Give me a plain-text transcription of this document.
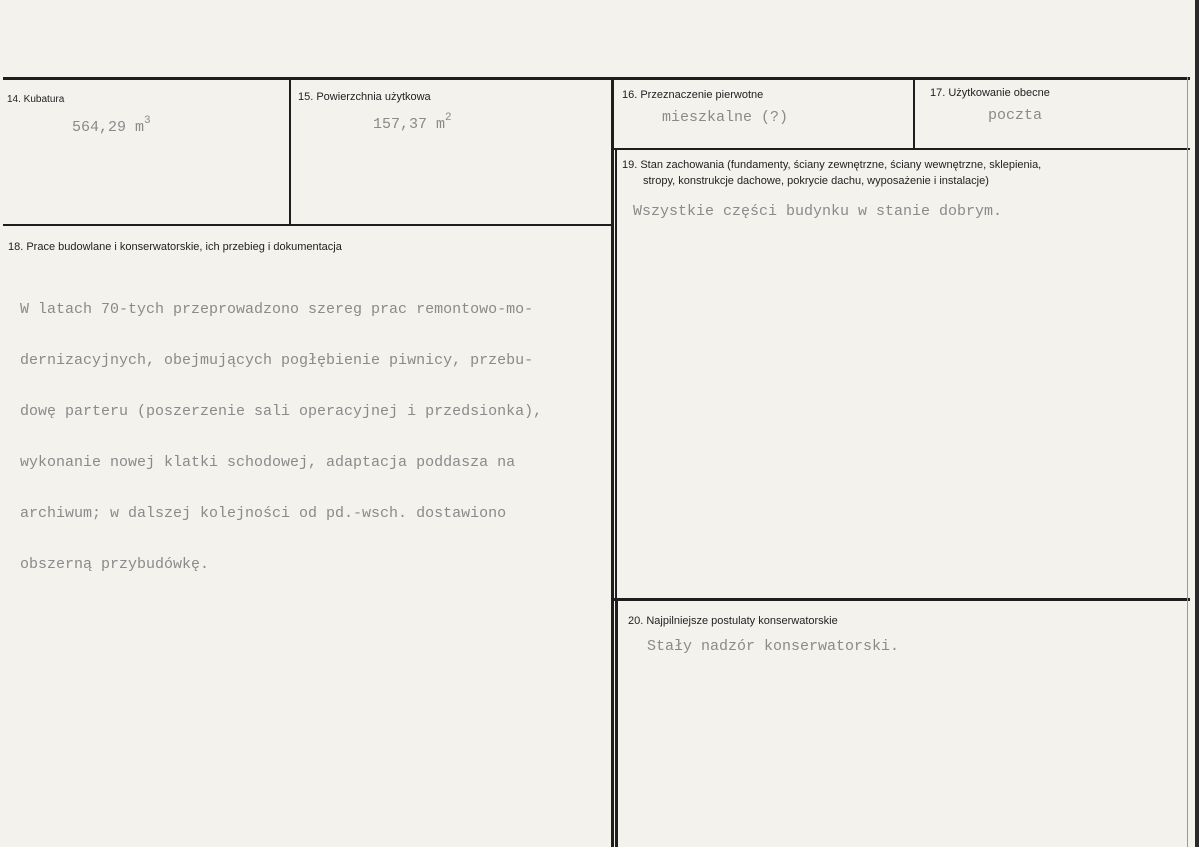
14. Kubatura
564,29 $m^3$
15. Powierzchnia użytkowa
157,37 $m^2$
16. Przeznaczenie pierwotne
mieszkalne (?)
17. Użytkowanie obecne
poczta
18. Prace budowlane i konserwatorskie, ich przebieg i dokumentacja

W latach 70-tych przeprowadzono szereg prac remontowo-mo-

dernizacyjnych, obejmujących pogłębienie piwnicy, przebu-

dowę parteru (poszerzenie sali operacyjnej i przedsionka),

wykonanie nowej klatki schodowej, adaptacja poddasza na

archiwum; w dalszej kolejności od pd.-wsch. dostawiono

obszerną przybudówkę.

19. Stan zachowania (fundamenty, ściany zewnętrzne, ściany wewnętrzne, sklepienia,
stropy, konstrukcje dachowe, pokrycie dachu, wyposażenie i instalacje)
Wszystkie części budynku w stanie dobrym.
20. Najpilniejsze postulaty konserwatorskie
Stały nadzór konserwatorski.
